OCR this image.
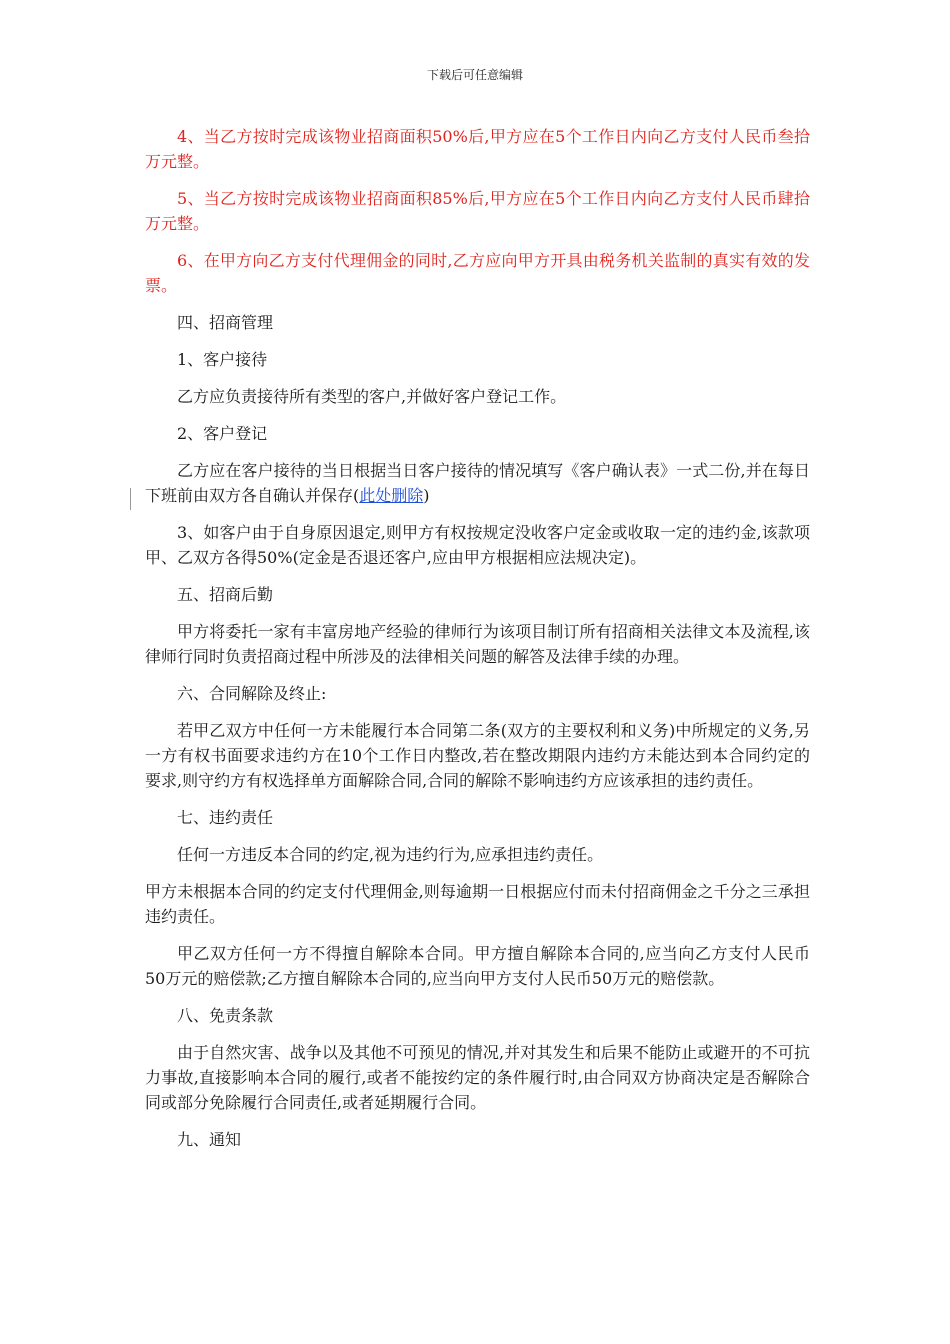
下载后可任意编辑

4、当乙方按时完成该物业招商面积50%后,甲方应在5个工作日内向乙方支付人民币叁拾万元整。

5、当乙方按时完成该物业招商面积85%后,甲方应在5个工作日内向乙方支付人民币肆拾万元整。

6、在甲方向乙方支付代理佣金的同时,乙方应向甲方开具由税务机关监制的真实有效的发票。

四、招商管理

1、客户接待

乙方应负责接待所有类型的客户,并做好客户登记工作。

2、客户登记

乙方应在客户接待的当日根据当日客户接待的情况填写《客户确认表》一式二份,并在每日下班前由双方各自确认并保存(此处删除)

3、如客户由于自身原因退定,则甲方有权按规定没收客户定金或收取一定的违约金,该款项甲、乙双方各得50%(定金是否退还客户,应由甲方根据相应法规决定)。

五、招商后勤

甲方将委托一家有丰富房地产经验的律师行为该项目制订所有招商相关法律文本及流程,该律师行同时负责招商过程中所涉及的法律相关问题的解答及法律手续的办理。

六、合同解除及终止:

若甲乙双方中任何一方未能履行本合同第二条(双方的主要权利和义务)中所规定的义务,另一方有权书面要求违约方在10个工作日内整改,若在整改期限内违约方未能达到本合同约定的要求,则守约方有权选择单方面解除合同,合同的解除不影响违约方应该承担的违约责任。

七、违约责任

任何一方违反本合同的约定,视为违约行为,应承担违约责任。

甲方未根据本合同的约定支付代理佣金,则每逾期一日根据应付而未付招商佣金之千分之三承担违约责任。

甲乙双方任何一方不得擅自解除本合同。甲方擅自解除本合同的,应当向乙方支付人民币50万元的赔偿款;乙方擅自解除本合同的,应当向甲方支付人民币50万元的赔偿款。

八、免责条款

由于自然灾害、战争以及其他不可预见的情况,并对其发生和后果不能防止或避开的不可抗力事故,直接影响本合同的履行,或者不能按约定的条件履行时,由合同双方协商决定是否解除合同或部分免除履行合同责任,或者延期履行合同。

九、通知
